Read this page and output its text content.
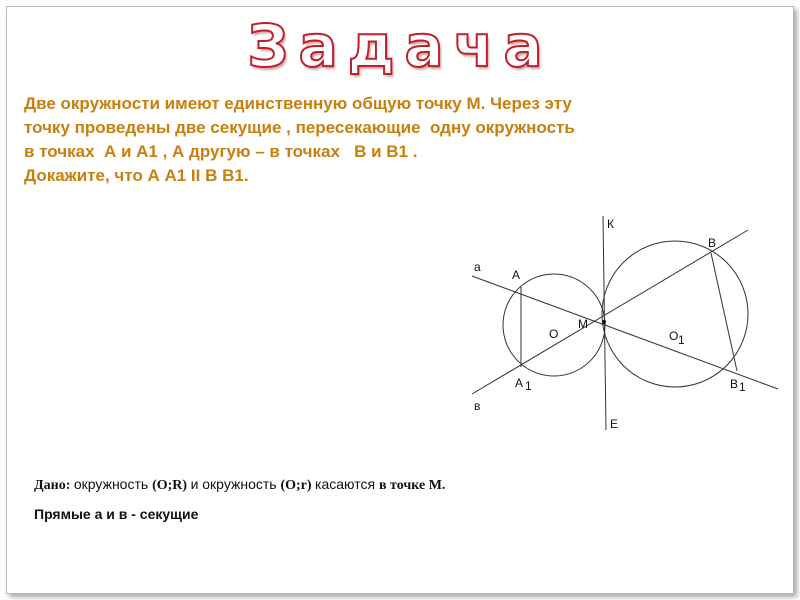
Задача
Две окружности имеют единственную общую точку М. Через эту
точку проведены две секущие , пересекающие  одну окружность
в точках  А и А1 , А другую – в точках   В и В1 .
Докажите, что А А1 II В В1.
а
в
К
Е
А
А 1
В
В 1
О	О 1
М
Дано: окружность (О;R) и окружность (О;r) касаются в точке М.
Прямые а и в - секущие
